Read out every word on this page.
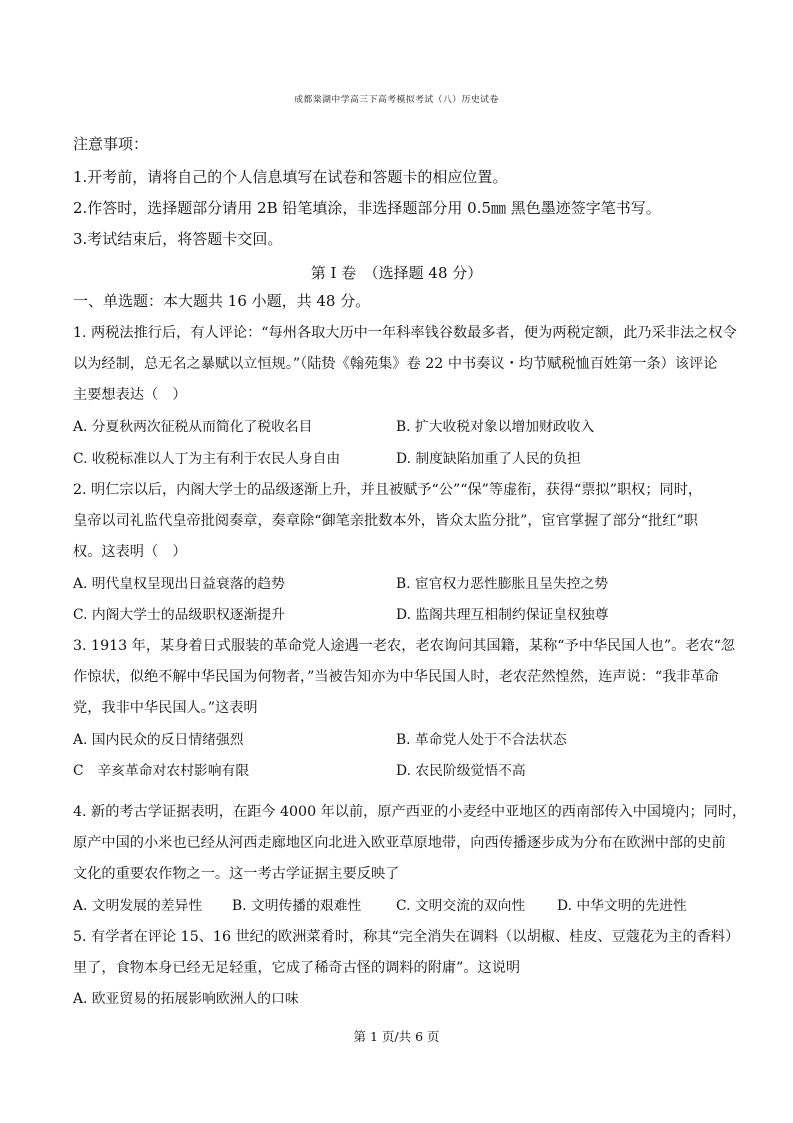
成都棠湖中学高三下高考模拟考试（八）历史试卷
注意事项：
1.开考前，请将自己的个人信息填写在试卷和答题卡的相应位置。
2.作答时，选择题部分请用 2B 铅笔填涂，非选择题部分用 0.5㎜ 黑色墨迹签字笔书写。
3.考试结束后，将答题卡交回。
第 I 卷　（选择题 48 分）
一、单选题：本大题共 16 小题，共 48 分。
1. 两税法推行后，有人评论：“每州各取大历中一年科率钱谷数最多者，便为两税定额，此乃采非法之权令
以为经制，总无名之暴赋以立恒规。”（陆贽《翰苑集》卷 22 中书奏议・均节赋税恤百姓第一条）该评论
主要想表达（　）
A. 分夏秋两次征税从而简化了税收名目	B. 扩大收税对象以增加财政收入
C. 收税标准以人丁为主有利于农民人身自由	D. 制度缺陷加重了人民的负担
2. 明仁宗以后，内阁大学士的品级逐渐上升，并且被赋予“公”“保”等虚衔，获得“票拟”职权；同时，
皇帝以司礼监代皇帝批阅奏章，奏章除“御笔亲批数本外，皆众太监分批”，宦官掌握了部分“批红”职
权。这表明（　）
A. 明代皇权呈现出日益衰落的趋势	B. 宦官权力恶性膨胀且呈失控之势
C. 内阁大学士的品级职权逐渐提升	D. 监阁共理互相制约保证皇权独尊
3. 1913 年，某身着日式服装的革命党人途遇一老农，老农询问其国籍，某称“予中华民国人也”。老农“忽
作惊状，似绝不解中华民国为何物者，”当被告知亦为中华民国人时，老农茫然惶然，连声说：“我非革命
党，我非中华民国人。”这表明
A. 国内民众的反日情绪强烈	B. 革命党人处于不合法状态
C　辛亥革命对农村影响有限	D. 农民阶级觉悟不高
4. 新的考古学证据表明，在距今 4000 年以前，原产西亚的小麦经中亚地区的西南部传入中国境内；同时，
原产中国的小米也已经从河西走廊地区向北进入欧亚草原地带，向西传播逐步成为分布在欧洲中部的史前
文化的重要农作物之一。这一考古学证据主要反映了
A. 文明发展的差异性 B. 文明传播的艰难性	C. 文明交流的双向性 D. 中华文明的先进性
5. 有学者在评论 15、16 世纪的欧洲菜肴时，称其“完全消失在调料（以胡椒、桂皮、豆蔻花为主的香料）
里了，食物本身已经无足轻重，它成了稀奇古怪的调料的附庸”。这说明
A. 欧亚贸易的拓展影响欧洲人的口味
第 1 页/共 6 页
